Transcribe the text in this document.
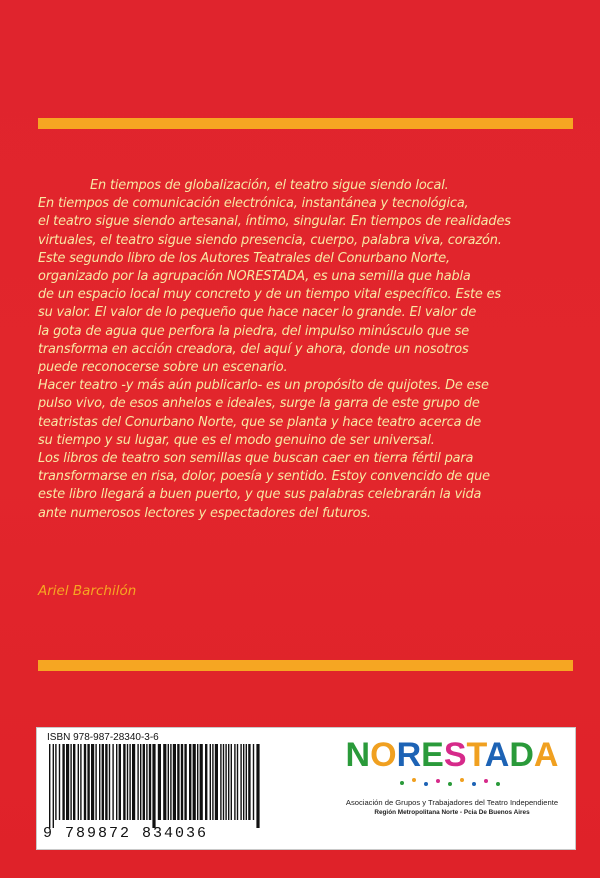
En tiempos de globalización, el teatro sigue siendo local.
En tiempos de comunicación electrónica, instantánea y tecnológica,
el teatro sigue siendo artesanal, íntimo, singular. En tiempos de realidades
virtuales, el teatro sigue siendo presencia, cuerpo, palabra viva, corazón.
Este segundo libro de los Autores Teatrales del Conurbano Norte,
organizado por la agrupación NORESTADA, es una semilla que habla
de un espacio local muy concreto y de un tiempo vital específico. Este es
su valor. El valor de lo pequeño que hace nacer lo grande. El valor de
la gota de agua que perfora la piedra, del impulso minúsculo que se
transforma en acción creadora, del aquí y ahora, donde un nosotros
puede reconocerse sobre un escenario.
Hacer teatro -y más aún publicarlo- es un propósito de quijotes. De ese
pulso vivo, de esos anhelos e ideales, surge la garra de este grupo de
teatristas del Conurbano Norte, que se planta y hace teatro acerca de
su tiempo y su lugar, que es el modo genuino de ser universal.
Los libros de teatro son semillas que buscan caer en tierra fértil para
transformarse en risa, dolor, poesía y sentido. Estoy convencido de que
este libro llegará a buen puerto, y que sus palabras celebrarán la vida
ante numerosos lectores y espectadores del futuros.
Ariel Barchilón
ISBN 978-987-28340-3-6
9 789872 834036
NORESTADA
Asociación de Grupos y Trabajadores del Teatro Independiente
Región Metropolitana Norte - Pcia De Buenos Aires
